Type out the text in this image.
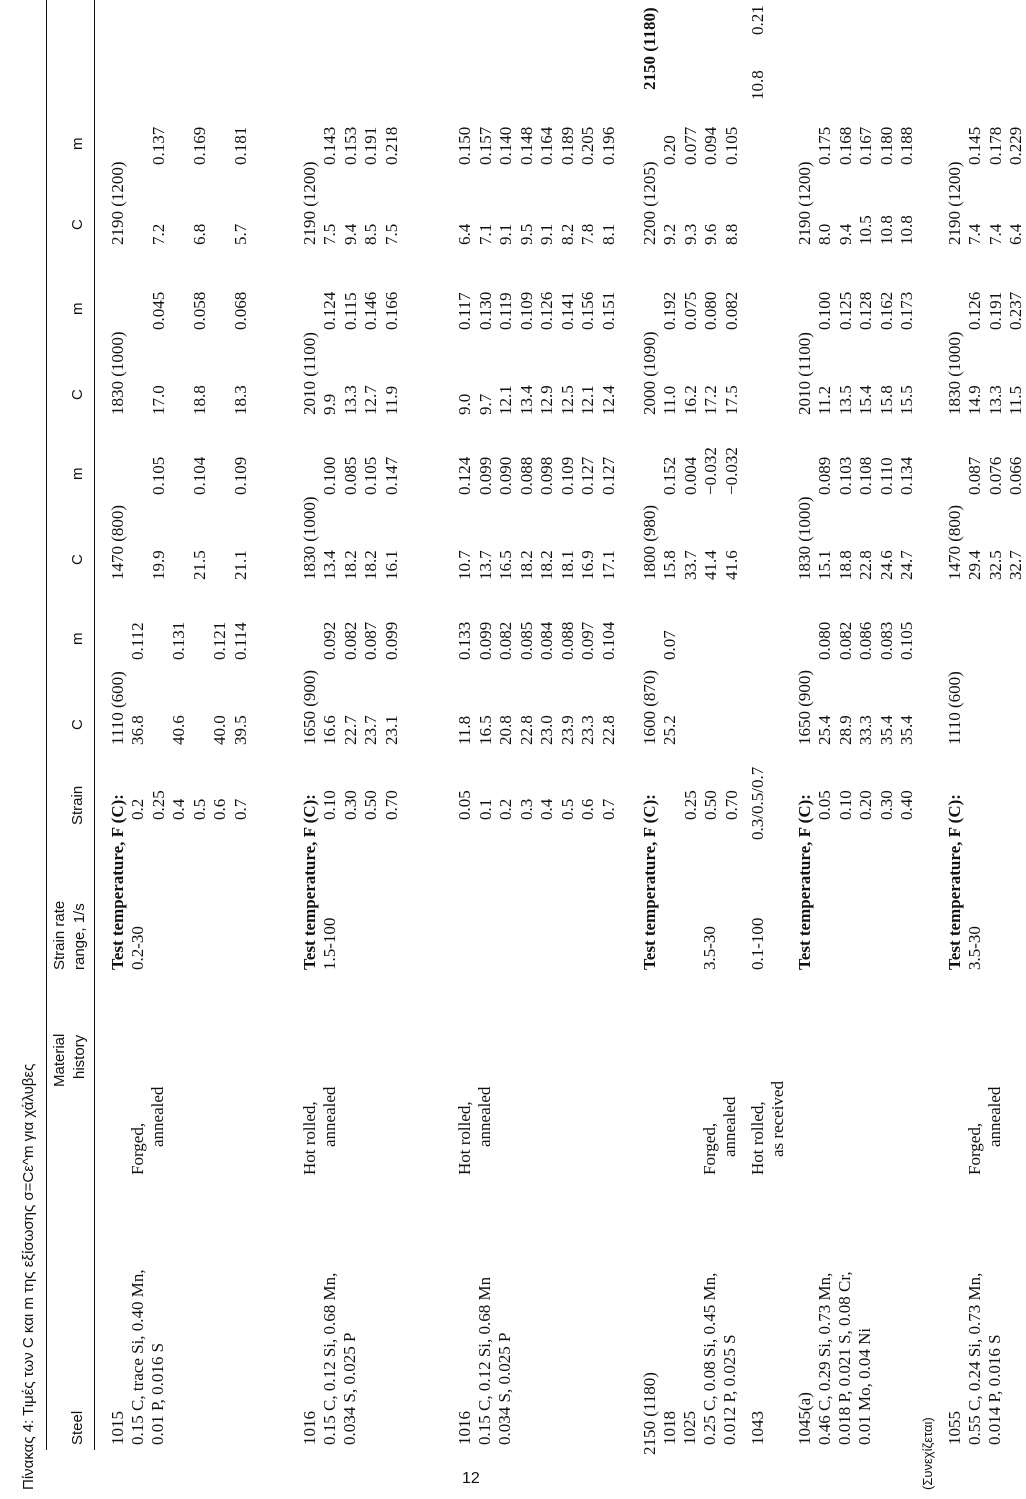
Πίνακας 4: Τιμές των C και m της εξίσωσης σ=Cε^m για χάλυβες	12	(Συνεχίζεται)
Steel
Material history
Strain rate range, 1/s
Strain
C
m
C
m
C
m
C
m
1015 0.15 C, trace Si, 0.40 Mn, 0.01 P, 0.016 S
Forged,
annealed
Test temperature, F (C):
1110 (600)
1470 (800)
1830 (1000)
2190 (1200)
0.2-30
0.2
36.8
0.112
0.25
19.9
0.105
17.0
0.045
7.2
0.137
0.4
40.6
0.131
0.5
21.5
0.104
18.8
0.058
6.8
0.169
0.6
40.0
0.121
0.7
39.5
0.114
21.1
0.109
18.3
0.068
5.7
0.181
1016 0.15 C, 0.12 Si, 0.68 Mn, 0.034 S, 0.025 P
Hot rolled, annealed
Test temperature, F (C):
1650 (900)
1830 (1000)
2010 (1100)
2190 (1200)
1.5-100
0.10
16.6
0.092
13.4
0.100
9.9
0.124
7.5
0.143
0.30
22.7
0.082
18.2
0.085
13.3
0.115
9.4
0.153
0.50
23.7
0.087
18.2
0.105
12.7
0.146
8.5
0.191
0.70
23.1
0.099
16.1
0.147
11.9
0.166
7.5
0.218
1016 0.15 C, 0.12 Si, 0.68 Mn 0.034 S, 0.025 P
Hot rolled, annealed
0.05
11.8
0.133
10.7
0.124
9.0
0.117
6.4
0.150
0.1
16.5
0.099
13.7
0.099
9.7
0.130
7.1
0.157
0.2
20.8
0.082
16.5
0.090
12.1
0.119
9.1
0.140
0.3
22.8
0.085
18.2
0.088
13.4
0.109
9.5
0.148
0.4
23.0
0.084
18.2
0.098
12.9
0.126
9.1
0.164
0.5
23.9
0.088
18.1
0.109
12.5
0.141
8.2
0.189
0.6
23.3
0.097
16.9
0.127
12.1
0.156
7.8
0.205
0.7
22.8
0.104
17.1
0.127
12.4
0.151
8.1
0.196
1018 1025 0.25 C, 0.08 Si, 0.45 Mn, 0.012 P, 0.025 S 1043
Forged, annealed Hot rolled, as received
Test temperature, F (C):
1600 (870)
1800 (980)
2000 (1090)
2200 (1205)
2150 (1180)
2150 (1180)
3.5-30 0.1-100
25.2
0.07
15.8
0.152
11.0
0.192
9.2
0.20
0.25
33.7
0.004
16.2
0.075
9.3
0.077
0.50
41.4
−0.032
17.2
0.080
9.6
0.094
0.70
41.6
−0.032
17.5
0.082
8.8
0.105
0.3/0.5/0.7
10.8
0.21
1045(a) 0.46 C, 0.29 Si, 0.73 Mn, 0.018 P, 0.021 S, 0.08 Cr, 0.01 Mo, 0.04 Ni
Test temperature, F (C):
1650 (900)
1830 (1000)
2010 (1100)
2190 (1200)
0.05
25.4
0.080
15.1
0.089
11.2
0.100
8.0
0.175
0.10
28.9
0.082
18.8
0.103
13.5
0.125
9.4
0.168
0.20
33.3
0.086
22.8
0.108
15.4
0.128
10.5
0.167
0.30
35.4
0.083
24.6
0.110
15.8
0.162
10.8
0.180
0.40
35.4
0.105
24.7
0.134
15.5
0.173
10.8
0.188
1055 0.55 C, 0.24 Si, 0.73 Mn, 0.014 P, 0.016 S
Forged,
annealed
Test temperature, F (C):
1110 (600)
1470 (800)
1830 (1000)
2190 (1200)
3.5-30
29.4
0.087
14.9
0.126
7.4
0.145
32.5
0.076
13.3
0.191
7.4
0.178
32.7
0.066
11.5
0.237
6.4
0.229
